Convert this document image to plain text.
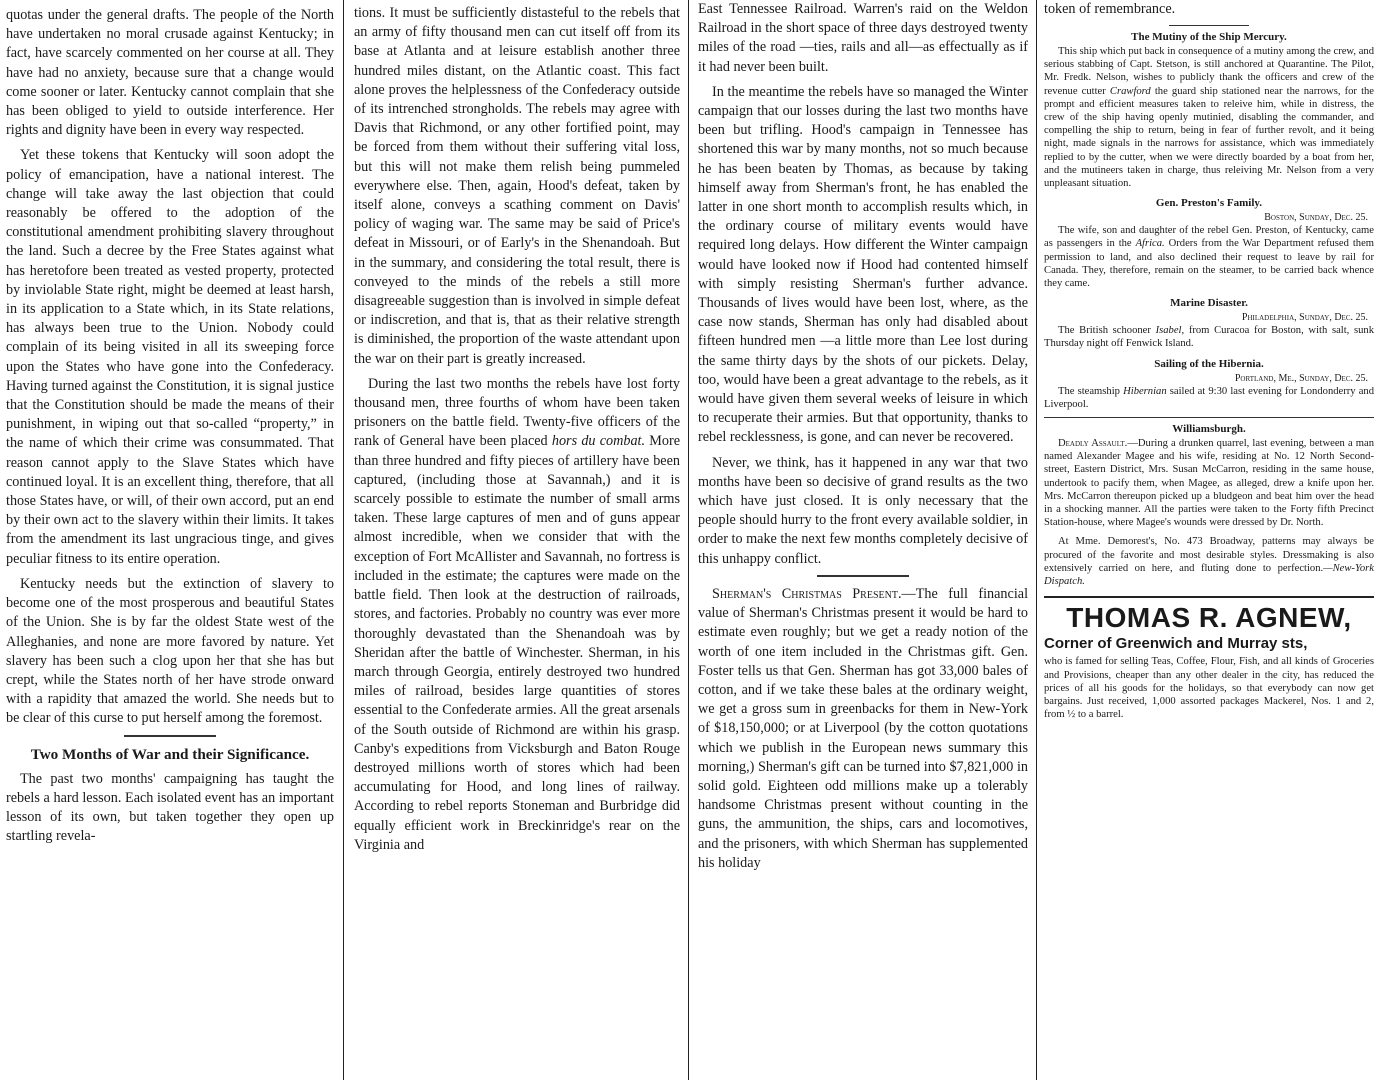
quotas under the general drafts. The people of the North have undertaken no moral crusade against Kentucky; in fact, have scarcely commented on her course at all. They have had no anxiety, because sure that a change would come sooner or later. Kentucky cannot complain that she has been obliged to yield to outside interference. Her rights and dignity have been in every way respected.

Yet these tokens that Kentucky will soon adopt the policy of emancipation, have a national interest. The change will take away the last objection that could reasonably be offered to the adoption of the constitutional amendment prohibiting slavery throughout the land. Such a decree by the Free States against what has heretofore been treated as vested property, protected by inviolable State right, might be deemed at least harsh, in its application to a State which, in its State relations, has always been true to the Union. Nobody could complain of its being visited in all its sweeping force upon the States who have gone into the Confederacy. Having turned against the Constitution, it is signal justice that the Constitution should be made the means of their punishment, in wiping out that so-called “property,” in the name of which their crime was consummated. That reason cannot apply to the Slave States which have continued loyal. It is an excellent thing, therefore, that all those States have, or will, of their own accord, put an end by their own act to the slavery within their limits. It takes from the amendment its last ungracious tinge, and gives peculiar fitness to its entire operation.

Kentucky needs but the extinction of slavery to become one of the most prosperous and beautiful States of the Union. She is by far the oldest State west of the Alleghanies, and none are more favored by nature. Yet slavery has been such a clog upon her that she has but crept, while the States north of her have strode onward with a rapidity that amazed the world. She needs but to be clear of this curse to put herself among the foremost.

Two Months of War and their Significance.

The past two months' campaigning has taught the rebels a hard lesson. Each isolated event has an important lesson of its own, but taken together they open up startling revela-

tions. It must be sufficiently distasteful to the rebels that an army of fifty thousand men can cut itself off from its base at Atlanta and at leisure establish another three hundred miles distant, on the Atlantic coast. This fact alone proves the helplessness of the Confederacy outside of its intrenched strongholds. The rebels may agree with Davis that Richmond, or any other fortified point, may be forced from them without their suffering vital loss, but this will not make them relish being pummeled everywhere else. Then, again, Hood's defeat, taken by itself alone, conveys a scathing comment on Davis' policy of waging war. The same may be said of Price's defeat in Missouri, or of Early's in the Shenandoah. But in the summary, and considering the total result, there is conveyed to the minds of the rebels a still more disagreeable suggestion than is involved in simple defeat or indiscretion, and that is, that as their relative strength is diminished, the proportion of the waste attendant upon the war on their part is greatly increased.

During the last two months the rebels have lost forty thousand men, three fourths of whom have been taken prisoners on the battle field. Twenty-five officers of the rank of General have been placed hors du combat. More than three hundred and fifty pieces of artillery have been captured, (including those at Savannah,) and it is scarcely possible to estimate the number of small arms taken. These large captures of men and of guns appear almost incredible, when we consider that with the exception of Fort McAllister and Savannah, no fortress is included in the estimate; the captures were made on the battle field. Then look at the destruction of railroads, stores, and factories. Probably no country was ever more thoroughly devastated than the Shenandoah was by Sheridan after the battle of Winchester. Sherman, in his march through Georgia, entirely destroyed two hundred miles of railroad, besides large quantities of stores essential to the Confederate armies. All the great arsenals of the South outside of Richmond are within his grasp. Canby's expeditions from Vicksburgh and Baton Rouge destroyed millions worth of stores which had been accumulating for Hood, and long lines of railway. According to rebel reports Stoneman and Burbridge did equally efficient work in Breckinridge's rear on the Virginia and

East Tennessee Railroad. Warren's raid on the Weldon Railroad in the short space of three days destroyed twenty miles of the road —ties, rails and all—as effectually as if it had never been built.

In the meantime the rebels have so managed the Winter campaign that our losses during the last two months have been but trifling. Hood's campaign in Tennessee has shortened this war by many months, not so much because he has been beaten by Thomas, as because by taking himself away from Sherman's front, he has enabled the latter in one short month to accomplish results which, in the ordinary course of military events would have required long delays. How different the Winter campaign would have looked now if Hood had contented himself with simply resisting Sherman's further advance. Thousands of lives would have been lost, where, as the case now stands, Sherman has only had disabled about fifteen hundred men —a little more than Lee lost during the same thirty days by the shots of our pickets. Delay, too, would have been a great advantage to the rebels, as it would have given them several weeks of leisure in which to recuperate their armies. But that opportunity, thanks to rebel recklessness, is gone, and can never be recovered.

Never, we think, has it happened in any war that two months have been so decisive of grand results as the two which have just closed. It is only necessary that the people should hurry to the front every available soldier, in order to make the next few months completely decisive of this unhappy conflict.

Sherman's Christmas Present.—The full financial value of Sherman's Christmas present it would be hard to estimate even roughly; but we get a ready notion of the worth of one item included in the Christmas gift. Gen. Foster tells us that Gen. Sherman has got 33,000 bales of cotton, and if we take these bales at the ordinary weight, we get a gross sum in greenbacks for them in New-York of $18,150,000; or at Liverpool (by the cotton quotations which we publish in the European news summary this morning,) Sherman's gift can be turned into $7,821,000 in solid gold. Eighteen odd millions make up a tolerably handsome Christmas present without counting in the guns, the ammunition, the ships, cars and locomotives, and the prisoners, with which Sherman has supplemented his holiday

token of remembrance.

The Mutiny of the Ship Mercury.

This ship which put back in consequence of a mutiny among the crew, and serious stabbing of Capt. Stetson, is still anchored at Quarantine. The Pilot, Mr. Fredk. Nelson, wishes to publicly thank the officers and crew of the revenue cutter Crawford the guard ship stationed near the narrows, for the prompt and efficient measures taken to releive him, while in distress, the crew of the ship having openly mutinied, disabling the commander, and compelling the ship to return, being in fear of further revolt, and it being night, made signals in the narrows for assistance, which was immediately replied to by the cutter, when we were directly boarded by a boat from her, and the mutineers taken in charge, thus releiving Mr. Nelson from a very unpleasant situation.

Gen. Preston's Family.
Boston, Sunday, Dec. 25.

The wife, son and daughter of the rebel Gen. Preston, of Kentucky, came as passengers in the Africa. Orders from the War Department refused them permission to land, and also declined their request to leave by rail for Canada. They, therefore, remain on the steamer, to be carried back whence they came.

Marine Disaster.
Philadelphia, Sunday, Dec. 25.

The British schooner Isabel, from Curacoa for Boston, with salt, sunk Thursday night off Fenwick Island.

Sailing of the Hibernia.
Portland, Me., Sunday, Dec. 25.

The steamship Hibernian sailed at 9:30 last evening for Londonderry and Liverpool.

Williamsburgh.

Deadly Assault.—During a drunken quarrel, last evening, between a man named Alexander Magee and his wife, residing at No. 12 North Second-street, Eastern District, Mrs. Susan McCarron, residing in the same house, undertook to pacify them, when Magee, as alleged, drew a knife upon her. Mrs. McCarron thereupon picked up a bludgeon and beat him over the head in a shocking manner. All the parties were taken to the Forty fifth Precinct Station-house, where Magee's wounds were dressed by Dr. North.

At Mme. Demorest's, No. 473 Broadway, patterns may always be procured of the favorite and most desirable styles. Dressmaking is also extensively carried on here, and fluting done to perfection.—New-York Dispatch.

THOMAS R. AGNEW,
Corner of Greenwich and Murray sts,

who is famed for selling Teas, Coffee, Flour, Fish, and all kinds of Groceries and Provisions, cheaper than any other dealer in the city, has reduced the prices of all his goods for the holidays, so that everybody can now get bargains. Just received, 1,000 assorted packages Mackerel, Nos. 1 and 2, from ½ to a barrel.
